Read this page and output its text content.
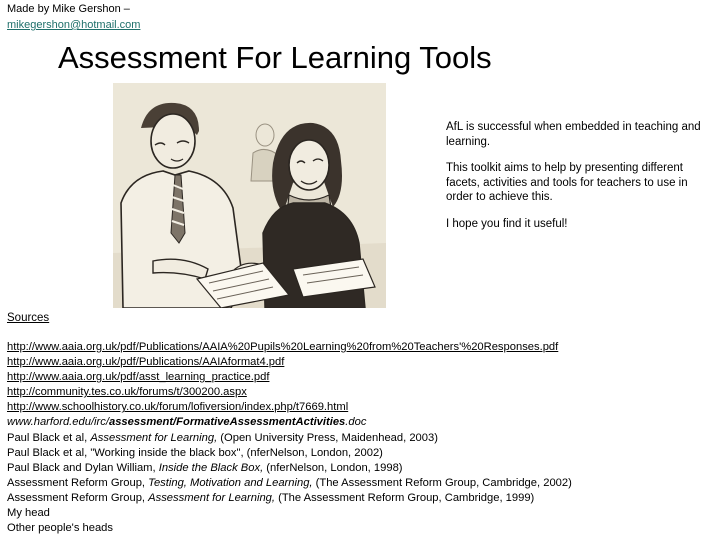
Made by Mike Gershon –
mikegershon@hotmail.com
Assessment For Learning Tools

AfL is successful when embedded in teaching and learning.

This toolkit aims to help by presenting different facets, activities and tools for teachers to use in order to achieve this.

I hope you find it useful!

Sources
http://www.aaia.org.uk/pdf/Publications/AAIA%20Pupils%20Learning%20from%20Teachers'%20Responses.pdf
http://www.aaia.org.uk/pdf/Publications/AAIAformat4.pdf
http://www.aaia.org.uk/pdf/asst_learning_practice.pdf
http://community.tes.co.uk/forums/t/300200.aspx
http://www.schoolhistory.co.uk/forum/lofiversion/index.php/t7669.html
www.harford.edu/irc/assessment/FormativeAssessmentActivities.doc
Paul Black et al, Assessment for Learning, (Open University Press, Maidenhead, 2003)
Paul Black et al, "Working inside the black box", (nferNelson, London, 2002)
Paul Black and Dylan William, Inside the Black Box, (nferNelson, London, 1998)
Assessment Reform Group, Testing, Motivation and Learning, (The Assessment Reform Group, Cambridge, 2002)
Assessment Reform Group, Assessment for Learning, (The Assessment Reform Group, Cambridge, 1999)
My head
Other people's heads
